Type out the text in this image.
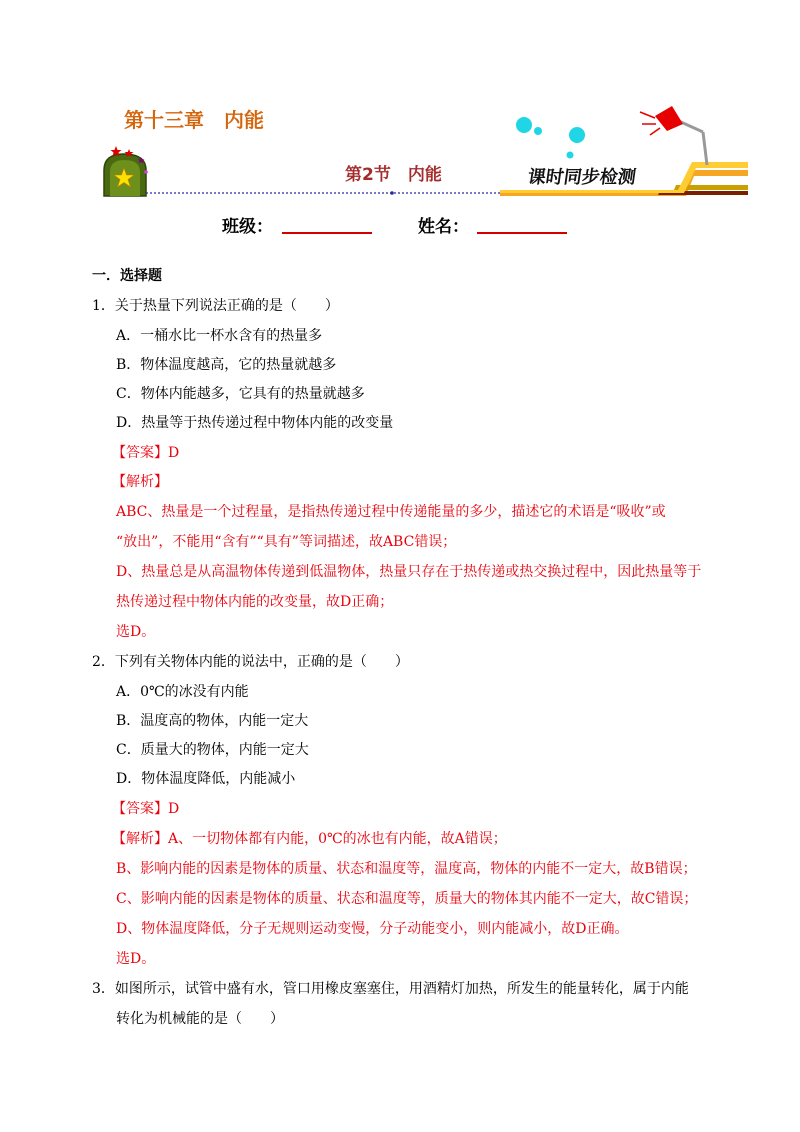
第十三章　内能
第2节　内能	课时同步检测
班级：	姓名：
一．选择题
1．关于热量下列说法正确的是（　　）
A．一桶水比一杯水含有的热量多
B．物体温度越高，它的热量就越多
C．物体内能越多，它具有的热量就越多
D．热量等于热传递过程中物体内能的改变量
【答案】D
【解析】
ABC、热量是一个过程量，是指热传递过程中传递能量的多少，描述它的术语是“吸收”或
“放出”，不能用“含有”“具有”等词描述，故ABC错误；
D、热量总是从高温物体传递到低温物体，热量只存在于热传递或热交换过程中，因此热量等于
热传递过程中物体内能的改变量，故D正确；
选D。
2．下列有关物体内能的说法中，正确的是（　　）
A．0℃的冰没有内能
B．温度高的物体，内能一定大
C．质量大的物体，内能一定大
D．物体温度降低，内能减小
【答案】D
【解析】A、一切物体都有内能，0℃的冰也有内能，故A错误；
B、影响内能的因素是物体的质量、状态和温度等，温度高，物体的内能不一定大，故B错误；
C、影响内能的因素是物体的质量、状态和温度等，质量大的物体其内能不一定大，故C错误；
D、物体温度降低，分子无规则运动变慢，分子动能变小，则内能减小，故D正确。
选D。
3．如图所示，试管中盛有水，管口用橡皮塞塞住，用酒精灯加热，所发生的能量转化，属于内能
转化为机械能的是（　　）
